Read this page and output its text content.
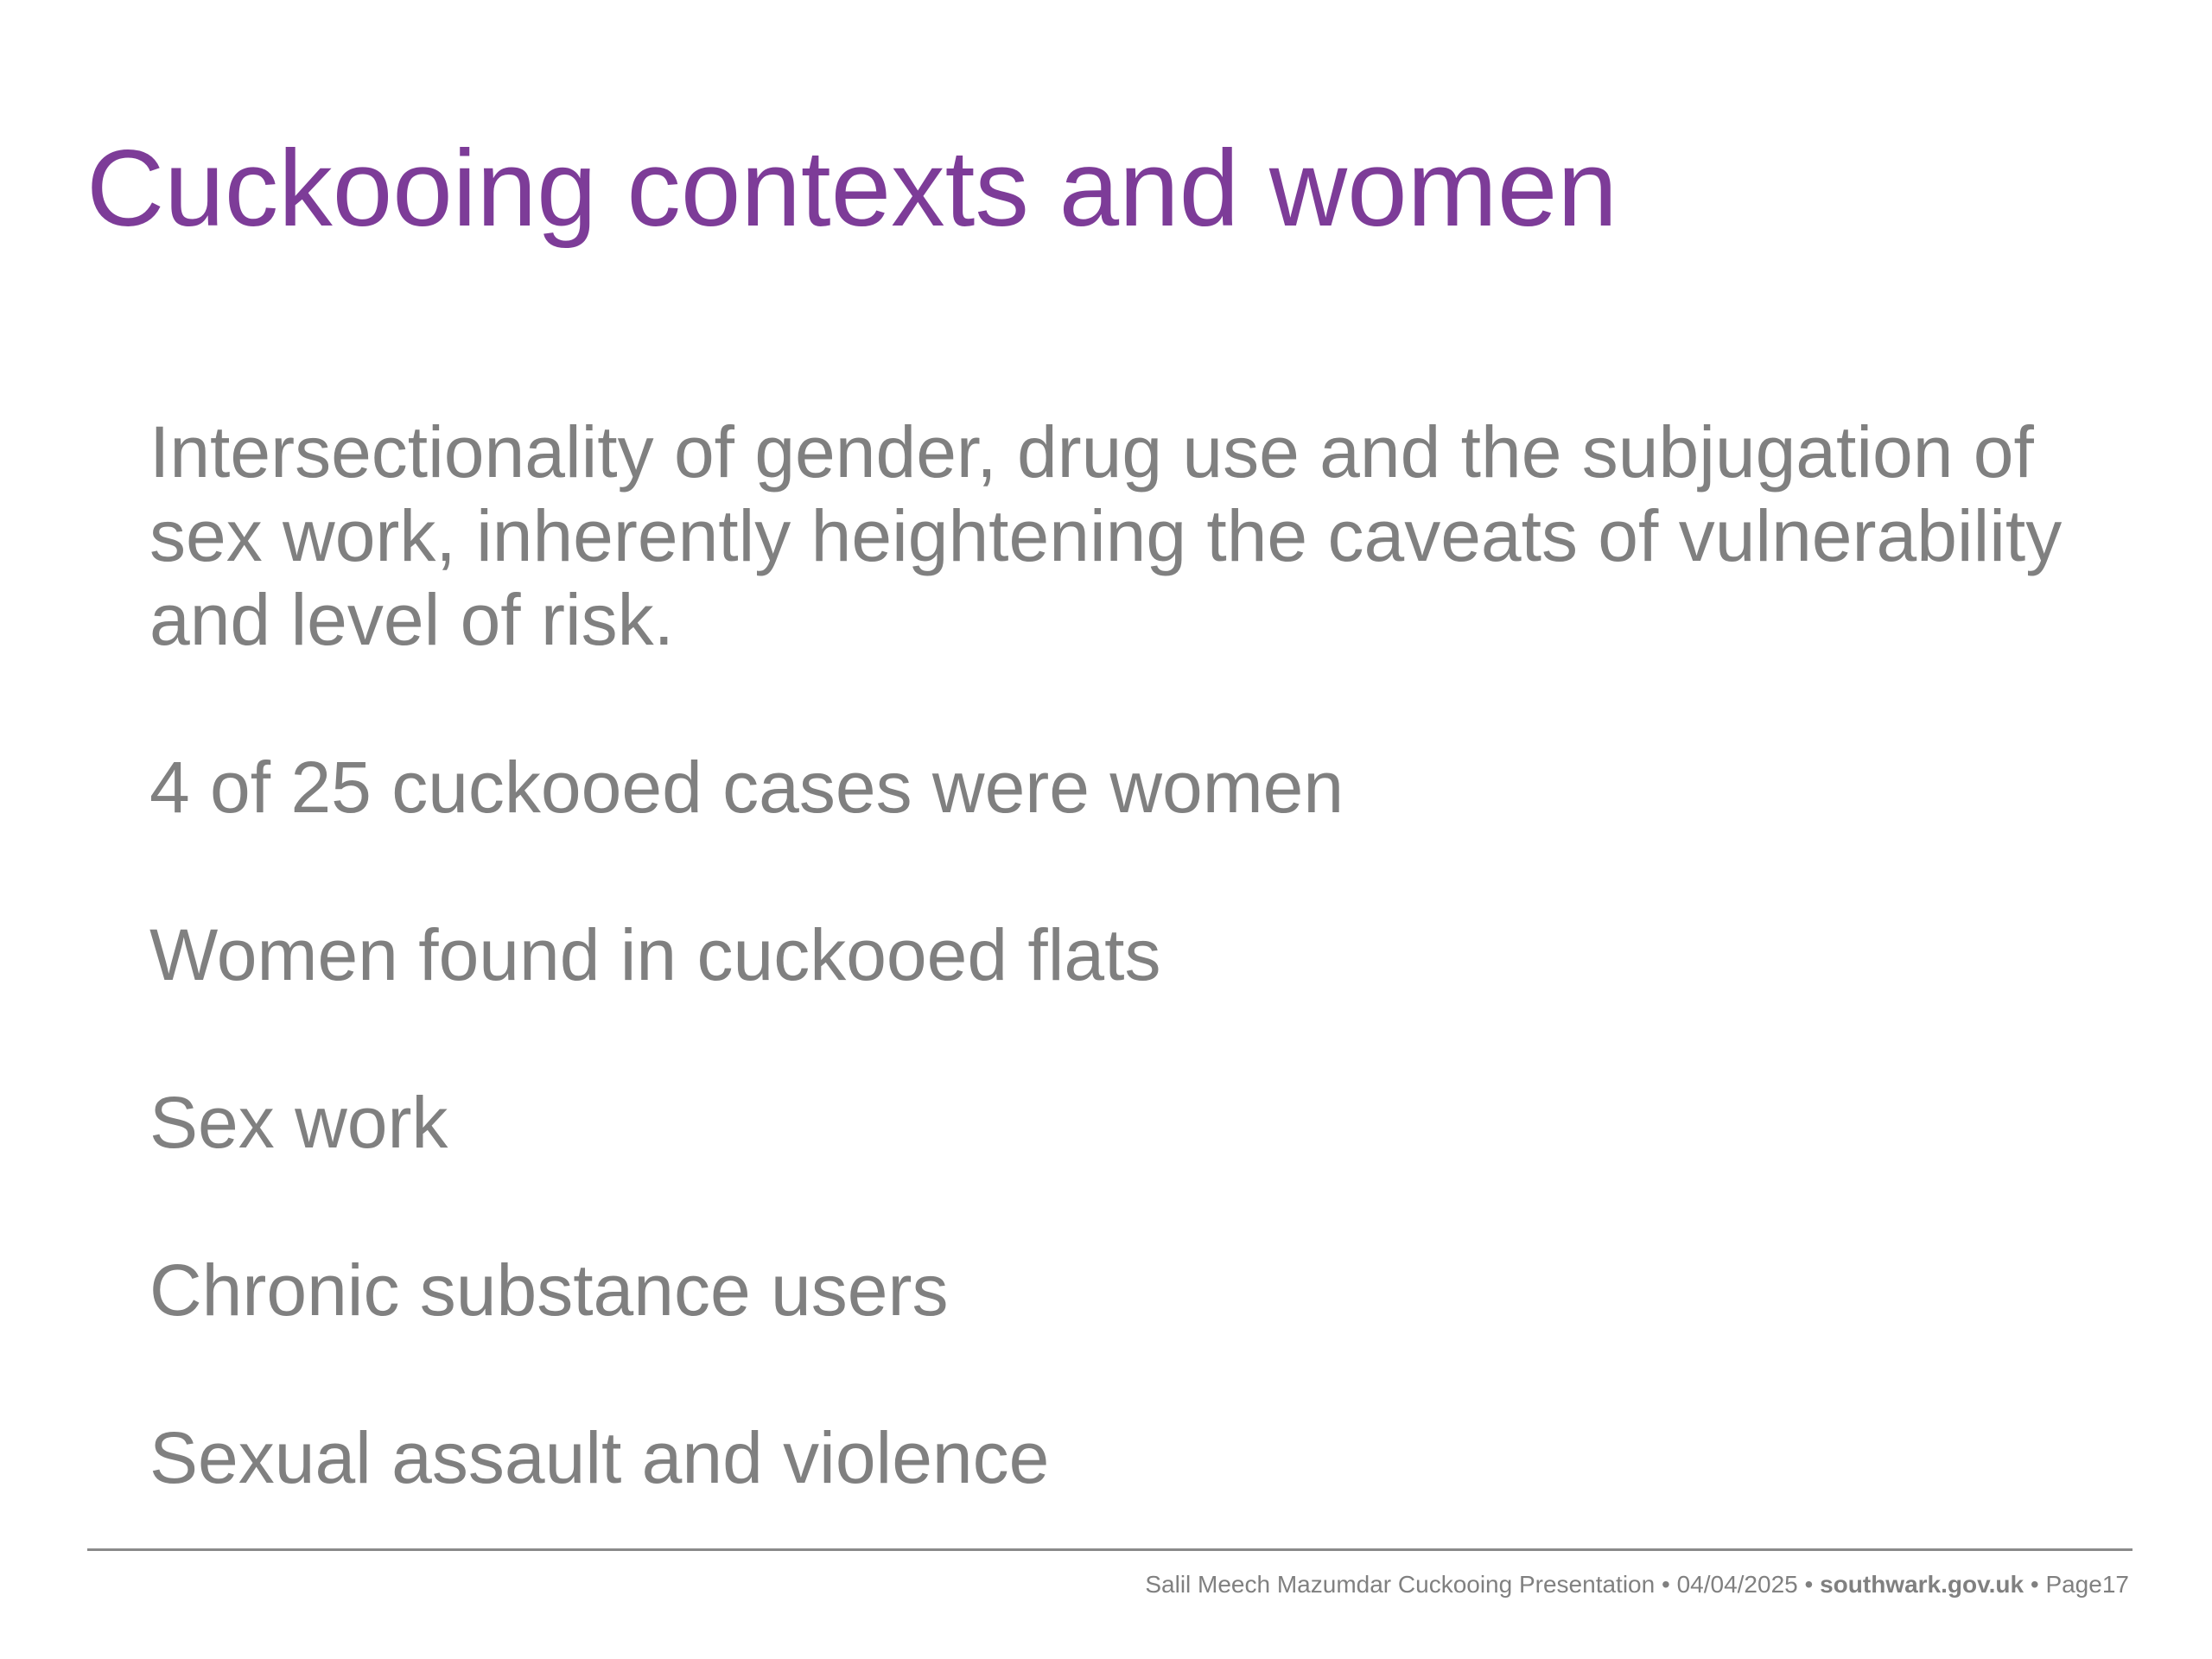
Cuckooing contexts and women
Intersectionality of gender, drug use and the subjugation of sex work, inherently heightening the caveats of vulnerability and level of risk.
4 of 25 cuckooed cases were women
Women found in cuckooed flats
Sex work
Chronic substance users
Sexual assault and violence
Salil Meech Mazumdar Cuckooing Presentation • 04/04/2025 • southwark.gov.uk • Page17
